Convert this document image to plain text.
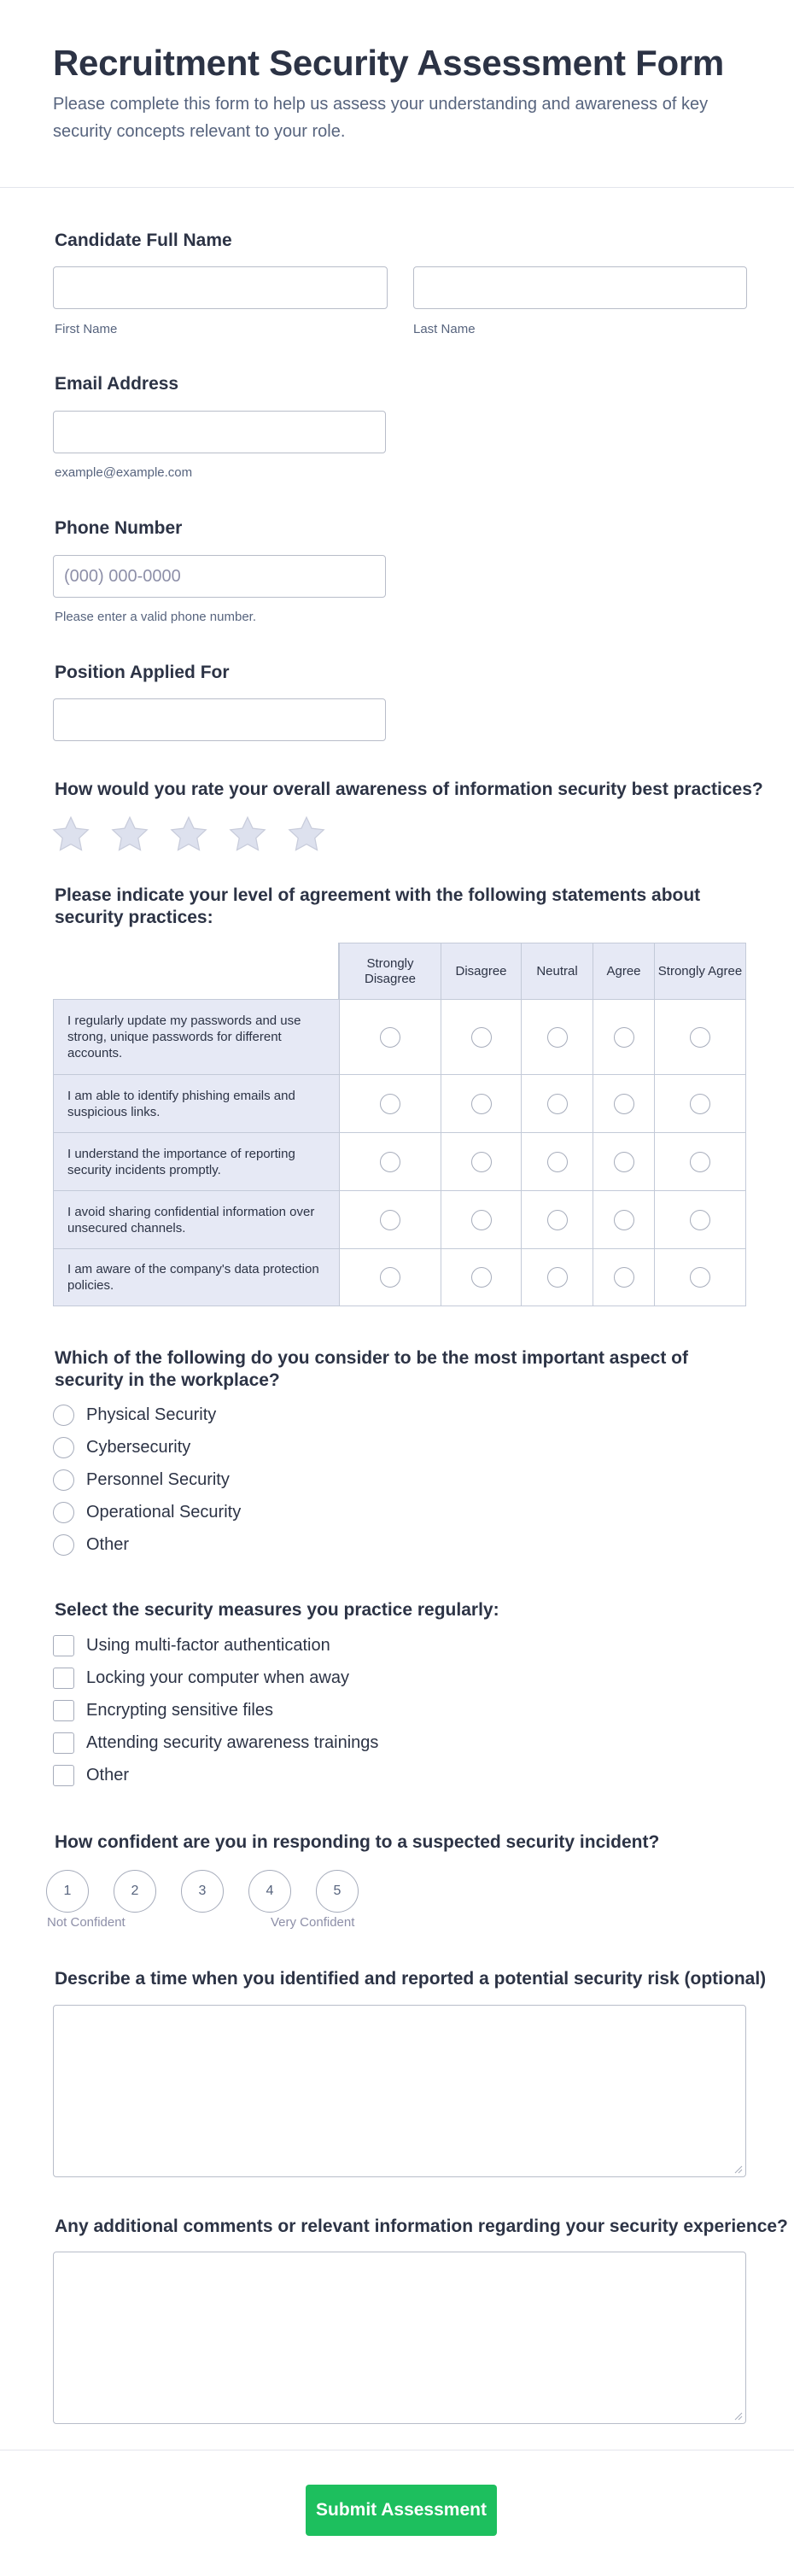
Recruitment Security Assessment Form
Please complete this form to help us assess your understanding and awareness of key security concepts relevant to your role.
Candidate Full Name
First Name	Last Name
Email Address
example@example.com
Phone Number
(000) 000-0000
Please enter a valid phone number.
Position Applied For
How would you rate your overall awareness of information security best practices?
Please indicate your level of agreement with the following statements about security practices:
	Strongly Disagree	Disagree	Neutral	Agree	Strongly Agree
I regularly update my passwords and use strong, unique passwords for different accounts.					
I am able to identify phishing emails and suspicious links.					
I understand the importance of reporting security incidents promptly.					
I avoid sharing confidential information over unsecured channels.					
I am aware of the company's data protection policies.					
Which of the following do you consider to be the most important aspect of security in the workplace?
Physical Security
Cybersecurity
Personnel Security
Operational Security
Other
Select the security measures you practice regularly:
Using multi-factor authentication
Locking your computer when away
Encrypting sensitive files
Attending security awareness trainings
Other
How confident are you in responding to a suspected security incident?
1	2	3	4	5
Not Confident	Very Confident
Describe a time when you identified and reported a potential security risk (optional)
Any additional comments or relevant information regarding your security experience?
Submit Assessment
